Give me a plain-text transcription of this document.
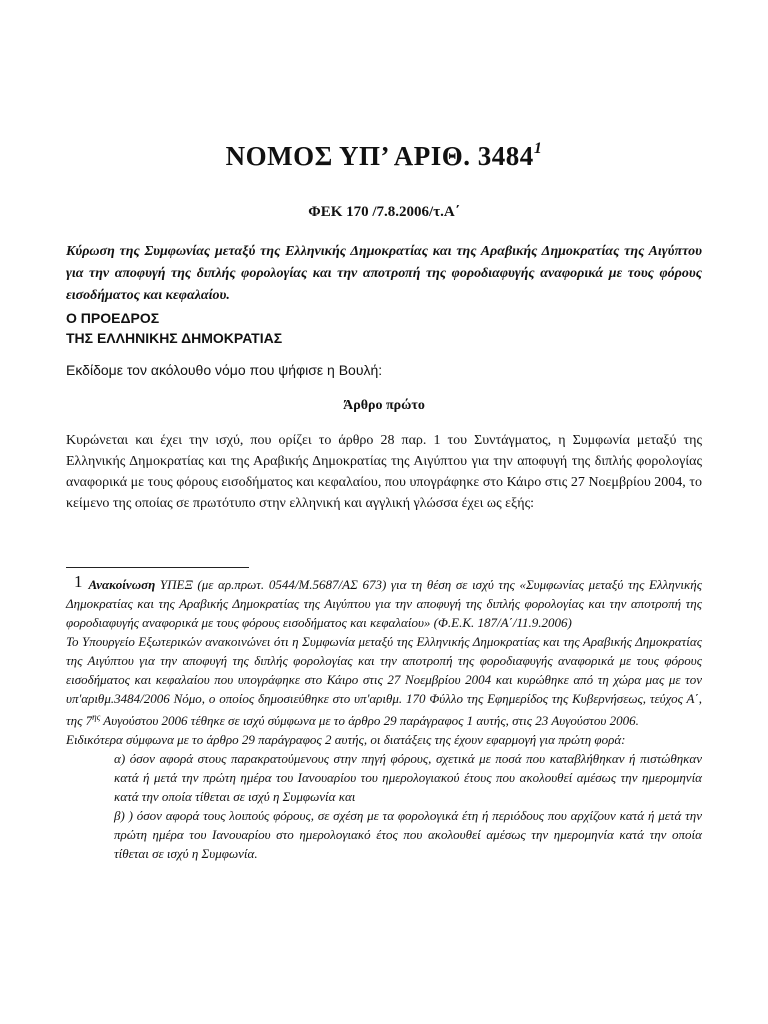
ΝΟΜΟΣ ΥΠ’ ΑΡΙΘ. 3484$^1$
ΦΕΚ 170 /7.8.2006/τ.Α΄
Κύρωση της Συμφωνίας μεταξύ της Ελληνικής Δημοκρατίας και της Αραβικής Δημοκρατίας της Αιγύπτου για την αποφυγή της διπλής φορολογίας και την αποτροπή της φοροδιαφυγής αναφορικά με τους φόρους εισοδήματος και κεφαλαίου.
Ο ΠΡΟΕΔΡΟΣ
ΤΗΣ ΕΛΛΗΝΙΚΗΣ ΔΗΜΟΚΡΑΤΙΑΣ
Εκδίδομε τον ακόλουθο νόμο που ψήφισε η Βουλή:
Άρθρο πρώτο
Κυρώνεται και έχει την ισχύ, που ορίζει το άρθρο 28 παρ. 1 του Συντάγματος, η Συμφωνία μεταξύ της Ελληνικής Δημοκρατίας και της Αραβικής Δημοκρατίας της Αιγύπτου για την αποφυγή της διπλής φορολογίας αναφορικά με τους φόρους εισοδήματος και κεφαλαίου, που υπογράφηκε στο Κάιρο στις 27 Νοεμβρίου 2004, το κείμενο της οποίας σε πρωτότυπο στην ελληνική και αγγλική γλώσσα έχει ως εξής:

1 Ανακοίνωση ΥΠΕΞ (με αρ.πρωτ. 0544/Μ.5687/ΑΣ 673) για τη θέση σε ισχύ της «Συμφωνίας μεταξύ της Ελληνικής Δημοκρατίας και της Αραβικής Δημοκρατίας της Αιγύπτου για την αποφυγή της διπλής φορολογίας και την αποτροπή της φοροδιαφυγής αναφορικά με τους φόρους εισοδήματος και κεφαλαίου» (Φ.Ε.Κ. 187/Α΄/11.9.2006)

Το Υπουργείο Εξωτερικών ανακοινώνει ότι η Συμφωνία μεταξύ της Ελληνικής Δημοκρατίας και της Αραβικής Δημοκρατίας της Αιγύπτου για την αποφυγή της διπλής φορολογίας και την αποτροπή της φοροδιαφυγής αναφορικά με τους φόρους εισοδήματος και κεφαλαίου που υπογράφηκε στο Κάιρο στις 27 Νοεμβρίου 2004 και κυρώθηκε από τη χώρα μας με τον υπ'αριθμ.3484/2006 Νόμο, ο οποίος δημοσιεύθηκε στο υπ'αριθμ. 170 Φύλλο της Εφημερίδος της Κυβερνήσεως, τεύχος Α΄, της $7^{\eta\varsigma}$ Αυγούστου 2006 τέθηκε σε ισχύ σύμφωνα με το άρθρο 29 παράγραφος 1 αυτής, στις 23 Αυγούστου 2006.

Ειδικότερα σύμφωνα με το άρθρο 29 παράγραφος 2 αυτής, οι διατάξεις της έχουν εφαρμογή για πρώτη φορά:

α) όσον αφορά στους παρακρατούμενους στην πηγή φόρους, σχετικά με ποσά που καταβλήθηκαν ή πιστώθηκαν κατά ή μετά την πρώτη ημέρα του Ιανουαρίου του ημερολογιακού έτους που ακολουθεί αμέσως την ημερομηνία κατά την οποία τίθεται σε ισχύ η Συμφωνία και

β) ) όσον αφορά τους λοιπούς φόρους, σε σχέση με τα φορολογικά έτη ή περιόδους που αρχίζουν κατά ή μετά την πρώτη ημέρα του Ιανουαρίου στο ημερολογιακό έτος που ακολουθεί αμέσως την ημερομηνία κατά την οποία τίθεται σε ισχύ η Συμφωνία.
